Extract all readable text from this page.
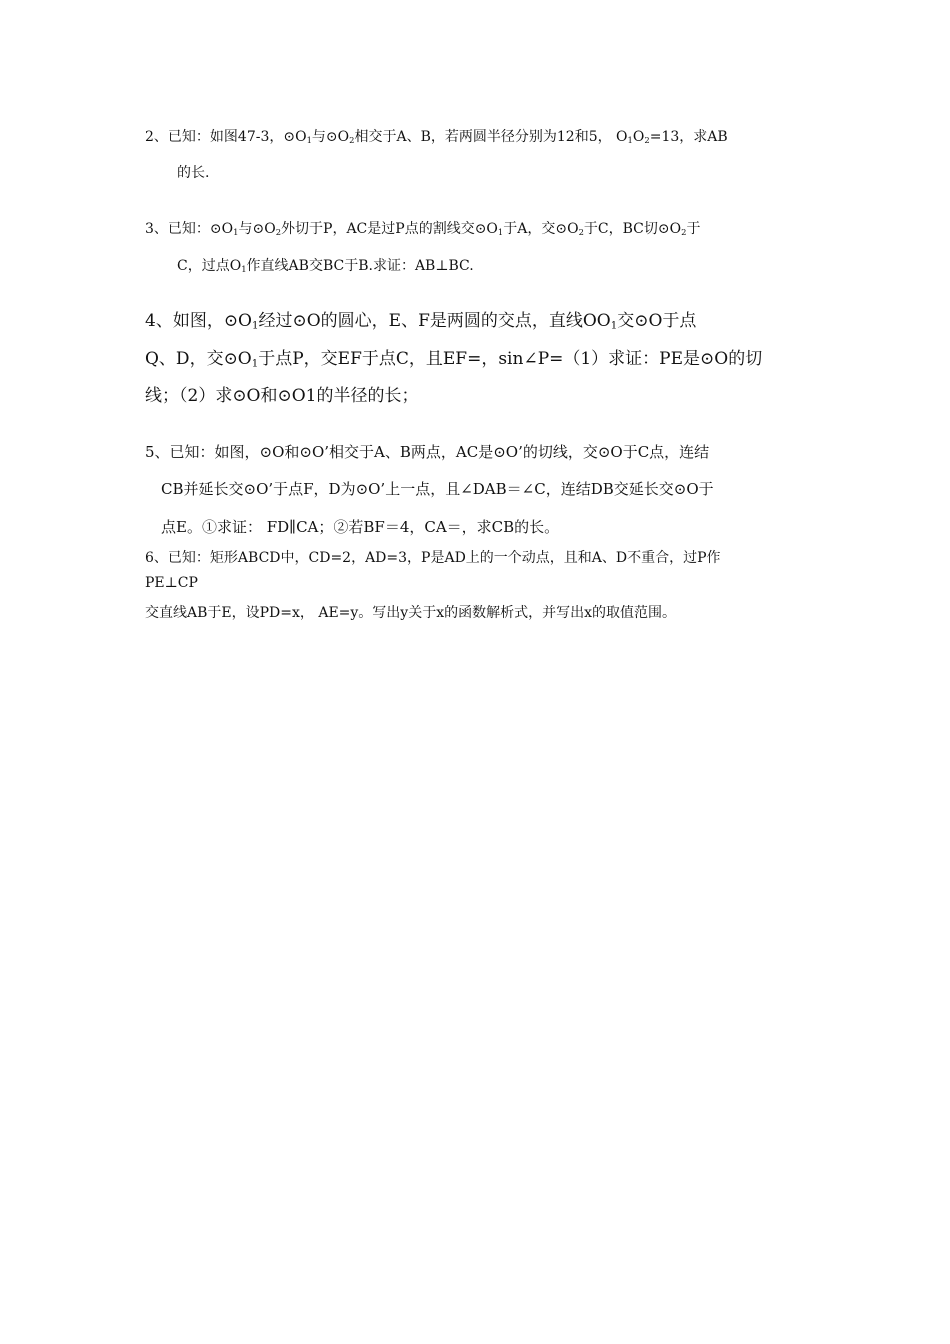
2、已知：如图47-3，$⊙O_1$与$⊙O_2$相交于A、B，若两圆半径分别为12和5， $O_1O_2=13$，求AB
的长.
3、已知：$⊙O_1$与$⊙O_2$外切于P，AC是过P点的割线交$⊙O_1$于A，交$⊙O_2$于C，BC切$⊙O_2$于
C，过点$O_1$作直线AB交BC于B.求证：AB⊥BC.
4、如图，$⊙O_1$经过⊙O的圆心，E、F是两圆的交点，直线$OO_1$交⊙O于点
Q、D，交$⊙O_1$于点P，交EF于点C，且EF=，sin∠P=（1）求证：PE是⊙O的切
线；（2）求⊙O和⊙O1的半径的长；
5、已知：如图，⊙O和⊙O’相交于A、B两点，AC是⊙O’的切线，交⊙O于C点，连结
CB并延长交⊙O’于点F，D为⊙O’上一点，且∠DAB＝∠C，连结DB交延长交⊙O于
点E。①求证： FD∥CA；②若BF＝4，CA＝，求CB的长。
6、已知：矩形ABCD中，CD=2，AD=3，P是AD上的一个动点，且和A、D不重合，过P作
PE⊥CP
交直线AB于E，设PD=x， AE=y。写出y关于x的函数解析式，并写出x的取值范围。
